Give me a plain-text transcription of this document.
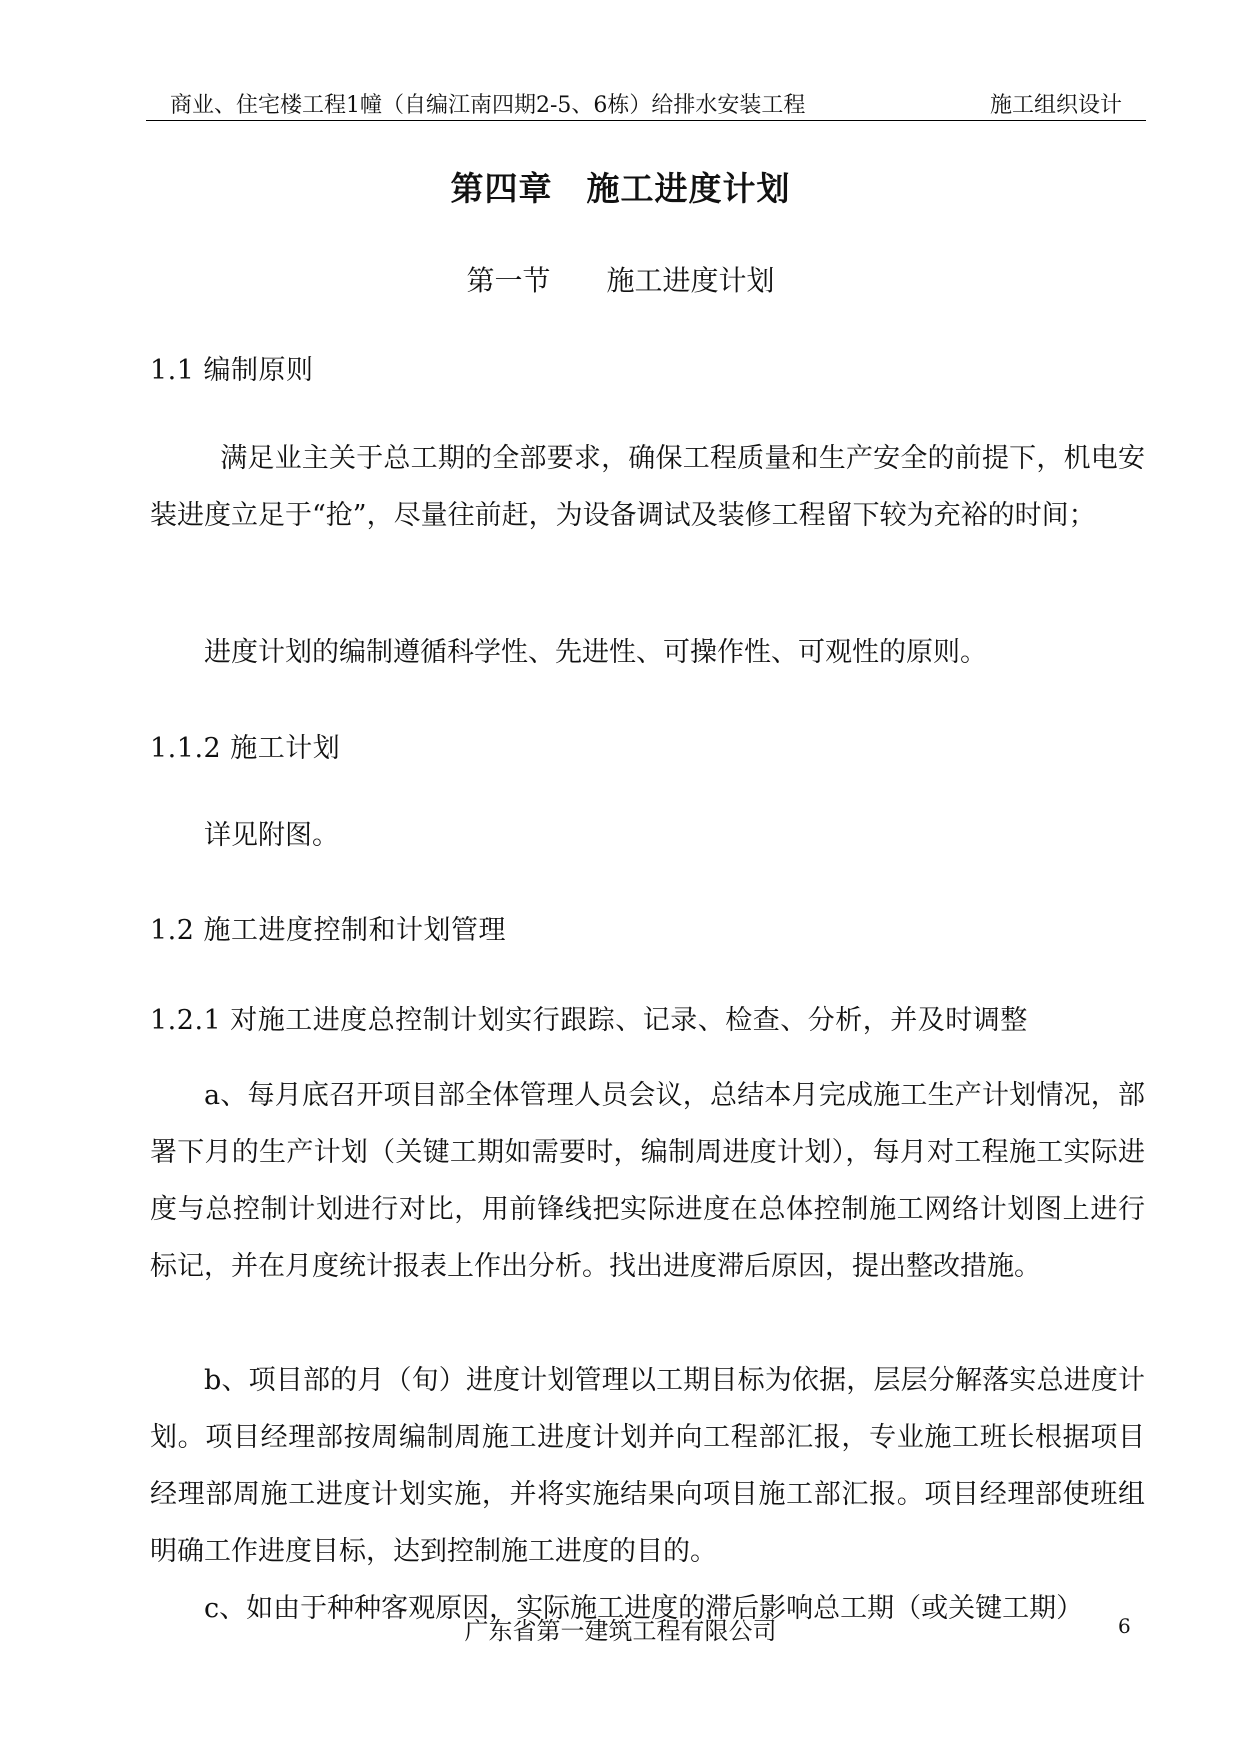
商业、住宅楼工程1幢（自编江南四期2-5、6栋）给排水安装工程	施工组织设计
第四章　施工进度计划
第一节　　施工进度计划
1.1 编制原则
满足业主关于总工期的全部要求，确保工程质量和生产安全的前提下，机电安装进度立足于“抢”，尽量往前赶，为设备调试及装修工程留下较为充裕的时间；
进度计划的编制遵循科学性、先进性、可操作性、可观性的原则。
1.1.2 施工计划
详见附图。
1.2 施工进度控制和计划管理
1.2.1 对施工进度总控制计划实行跟踪、记录、检查、分析，并及时调整
a、每月底召开项目部全体管理人员会议，总结本月完成施工生产计划情况，部署下月的生产计划（关键工期如需要时，编制周进度计划），每月对工程施工实际进度与总控制计划进行对比，用前锋线把实际进度在总体控制施工网络计划图上进行标记，并在月度统计报表上作出分析。找出进度滞后原因，提出整改措施。
b、项目部的月（旬）进度计划管理以工期目标为依据，层层分解落实总进度计划。项目经理部按周编制周施工进度计划并向工程部汇报，专业施工班长根据项目经理部周施工进度计划实施，并将实施结果向项目施工部汇报。项目经理部使班组明确工作进度目标，达到控制施工进度的目的。
c、如由于种种客观原因，实际施工进度的滞后影响总工期（或关键工期）
广东省第一建筑工程有限公司	6
